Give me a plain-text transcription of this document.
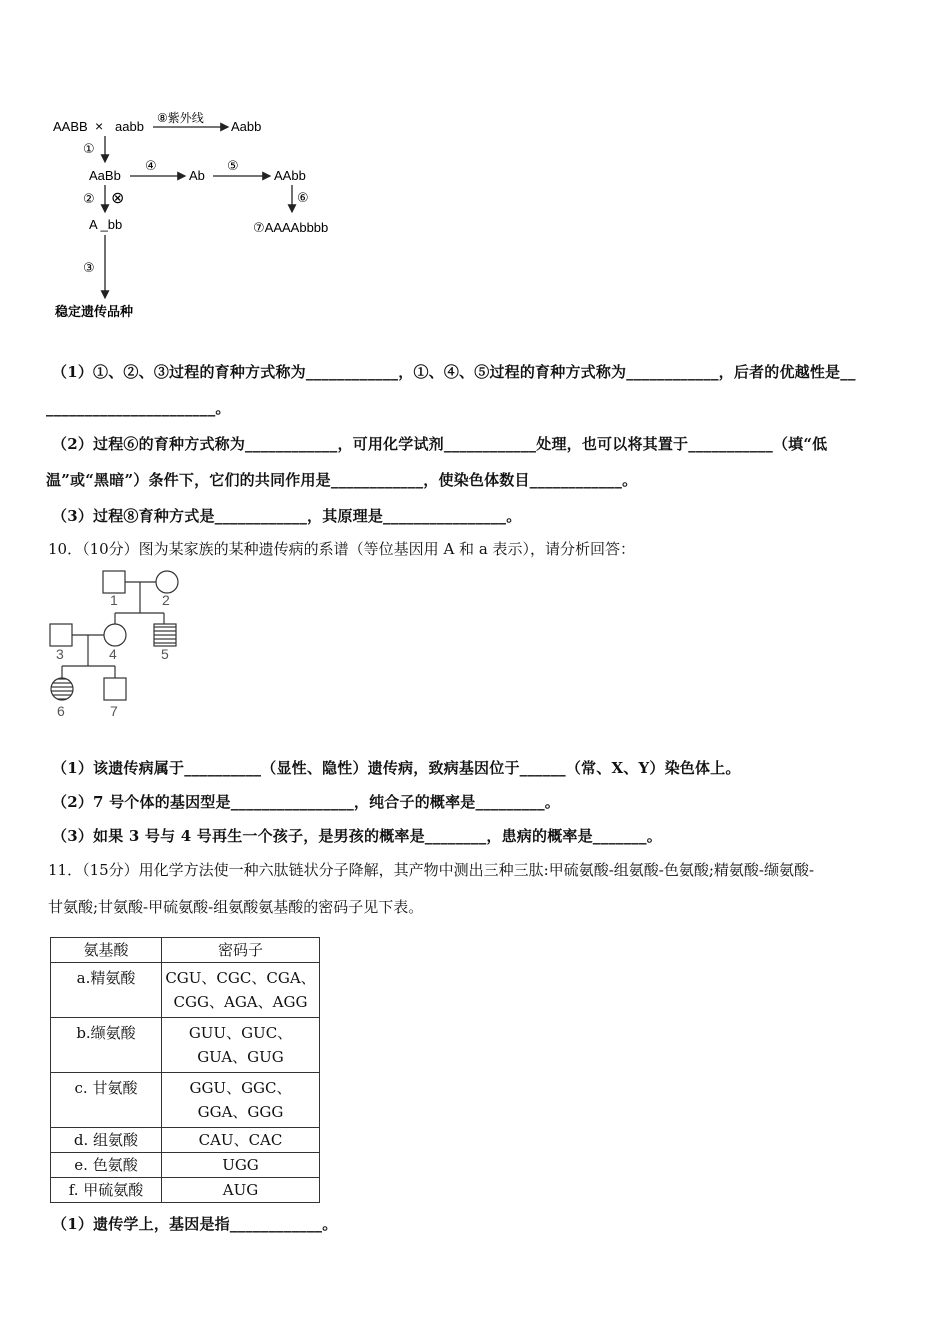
AABB × aabb
⑧紫外线
Aabb
①
AaBb
④
Ab
⑤
AAbb
② ⊗	⑥
A _bb	⑦AAAAbbbb
③
稳定遗传品种
（1）①、②、③过程的育种方式称为____________，①、④、⑤过程的育种方式称为____________，后者的优越性是__
______________________。
（2）过程⑥的育种方式称为____________，可用化学试剂____________处理，也可以将其置于___________（填“低
温”或“黑暗”）条件下，它们的共同作用是____________，使染色体数目____________。
（3）过程⑧育种方式是____________，其原理是________________。
10．（10分）图为某家族的某种遗传病的系谱（等位基因用 A 和 a 表示），请分析回答：
1	2
3	4	5
6	7
（1）该遗传病属于__________（显性、隐性）遗传病，致病基因位于______（常、X、Y）染色体上。
（2）7 号个体的基因型是________________，纯合子的概率是_________。
（3）如果 3 号与 4 号再生一个孩子，是男孩的概率是________，患病的概率是_______。
11．（15分）用化学方法使一种六肽链状分子降解，其产物中测出三种三肽:甲硫氨酸-组氨酸-色氨酸;精氨酸-缬氨酸-
甘氨酸;甘氨酸-甲硫氨酸-组氨酸氨基酸的密码子见下表。
氨基酸	密码子
a.精氨酸	CGU、CGC、CGA、
CGG、AGA、AGG

b.缬氨酸	GUU、GUC、
GUA、GUG

c. 甘氨酸	GGU、GGC、
GGA、GGG

d. 组氨酸	CAU、CAC
e. 色氨酸	UGG
f. 甲硫氨酸	AUG
（1）遗传学上，基因是指____________。
